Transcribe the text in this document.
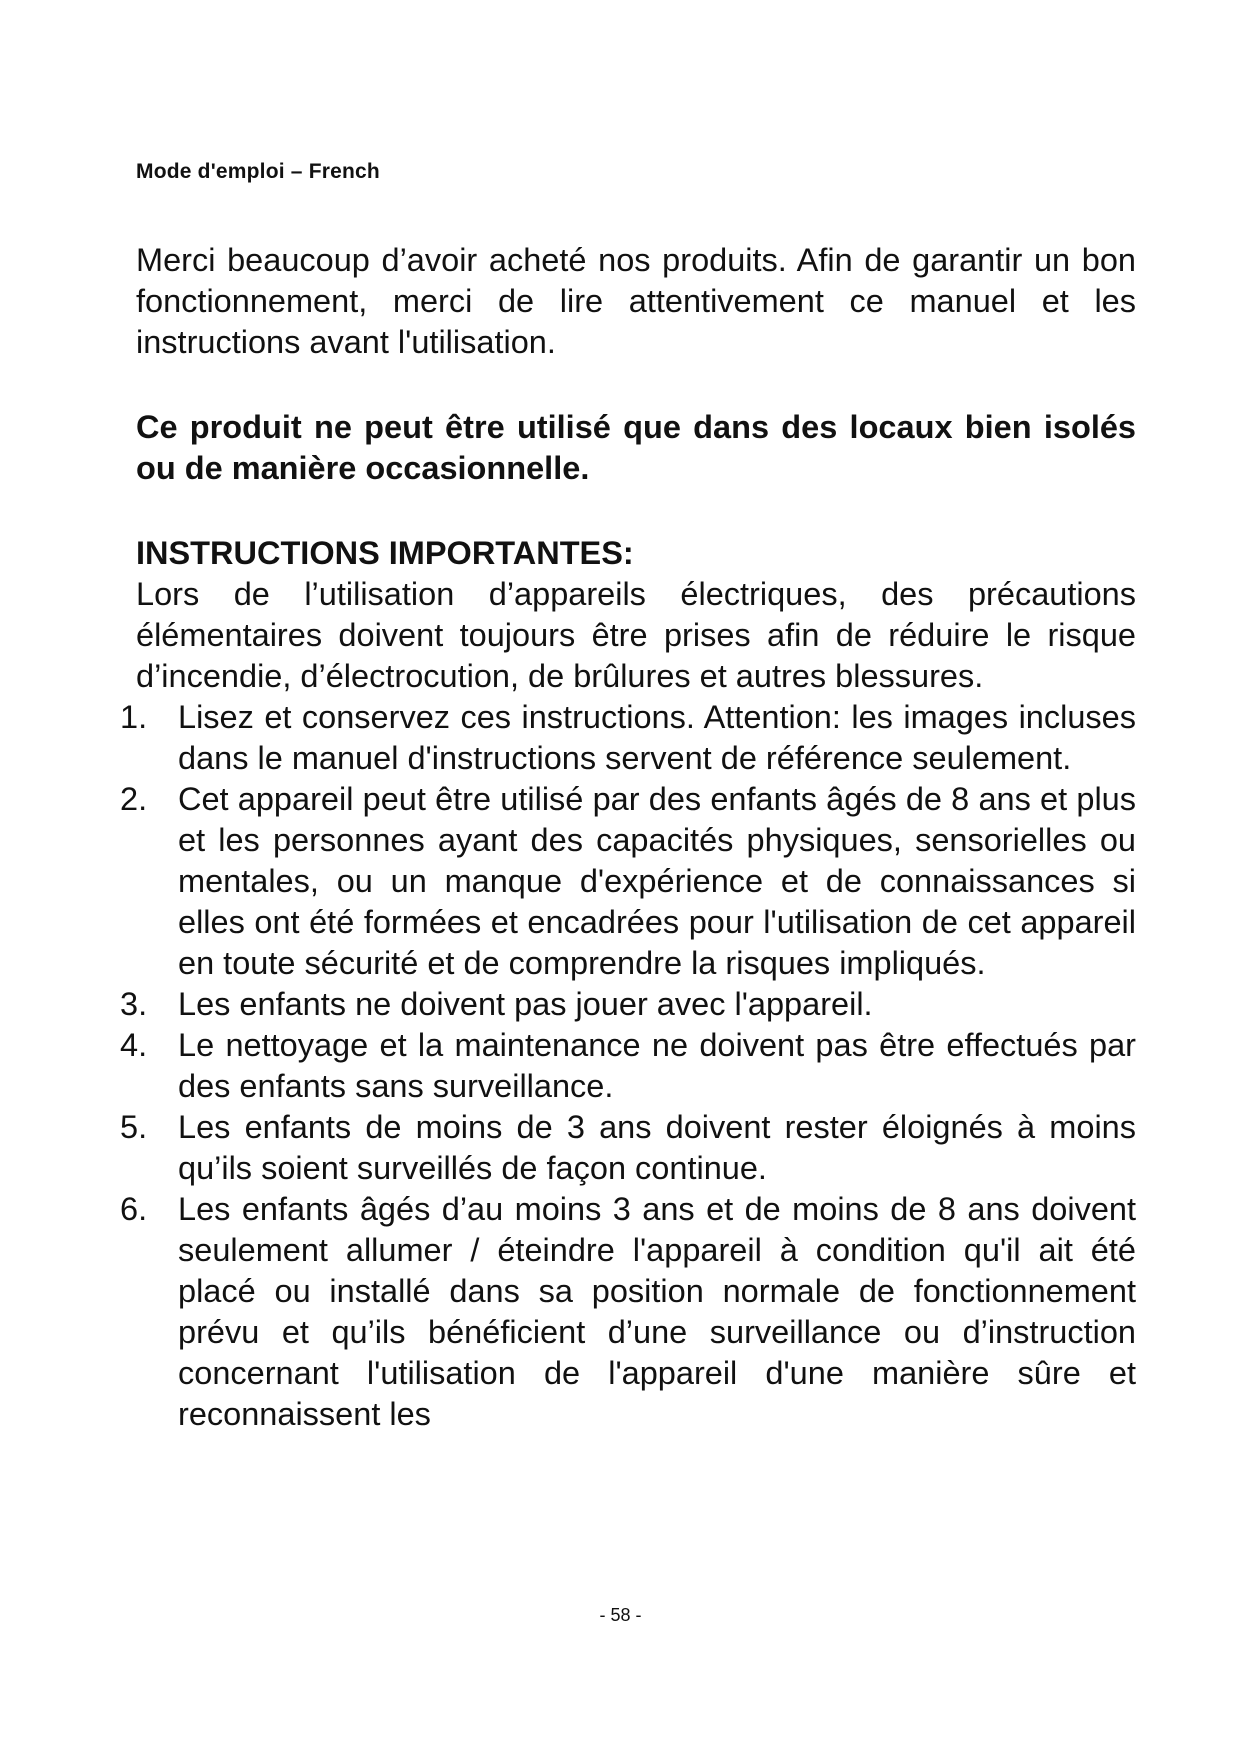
Mode d'emploi – French

Merci beaucoup d’avoir acheté nos produits. Afin de garantir un bon fonctionnement, merci de lire attentivement ce manuel et les instructions avant l'utilisation.

Ce produit ne peut être utilisé que dans des locaux bien isolés ou de manière occasionnelle.

INSTRUCTIONS IMPORTANTES:

Lors de l’utilisation d’appareils électriques, des précautions élémentaires doivent toujours être prises afin de réduire le risque d’incendie, d’électrocution, de brûlures et autres blessures.

1. Lisez et conservez ces instructions. Attention: les images incluses dans le manuel d'instructions servent de référence seulement.
2. Cet appareil peut être utilisé par des enfants âgés de 8 ans et plus et les personnes ayant des capacités physiques, sensorielles ou mentales, ou un manque d'expérience et de connaissances si elles ont été formées et encadrées pour l'utilisation de cet appareil en toute sécurité et de comprendre la risques impliqués.
3. Les enfants ne doivent pas jouer avec l'appareil.
4. Le nettoyage et la maintenance ne doivent pas être effectués par des enfants sans surveillance.
5. Les enfants de moins de 3 ans doivent rester éloignés à moins qu’ils soient surveillés de façon continue.
6. Les enfants âgés d’au moins 3 ans et de moins de 8 ans doivent seulement allumer / éteindre l'appareil à condition qu'il ait été placé ou installé dans sa position normale de fonctionnement prévu et qu’ils bénéficient d’une surveillance ou d’instruction concernant l'utilisation de l'appareil d'une manière sûre et reconnaissent les
- 58 -
